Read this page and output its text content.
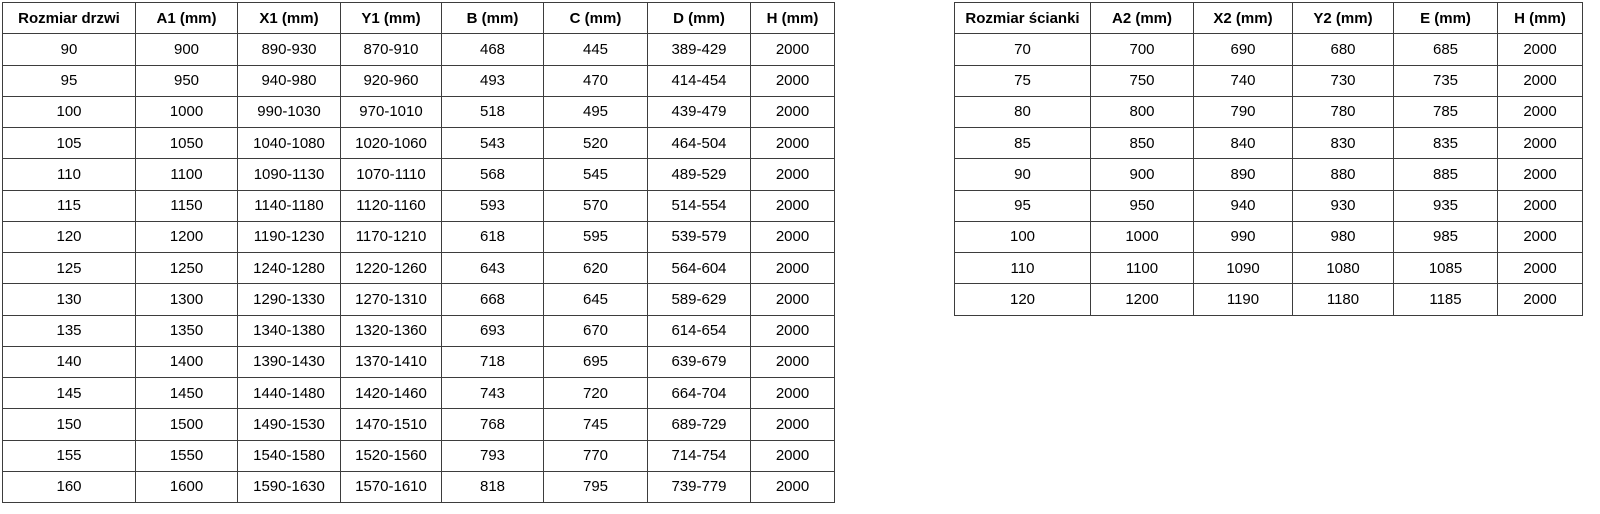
Rozmiar drzwi	A1 (mm)	X1 (mm)	Y1 (mm)	B (mm)	C (mm)	D (mm)	H (mm)
90	900	890-930	870-910	468	445	389-429	2000
95	950	940-980	920-960	493	470	414-454	2000
100	1000	990-1030	970-1010	518	495	439-479	2000
105	1050	1040-1080	1020-1060	543	520	464-504	2000
110	1100	1090-1130	1070-1110	568	545	489-529	2000
115	1150	1140-1180	1120-1160	593	570	514-554	2000
120	1200	1190-1230	1170-1210	618	595	539-579	2000
125	1250	1240-1280	1220-1260	643	620	564-604	2000
130	1300	1290-1330	1270-1310	668	645	589-629	2000
135	1350	1340-1380	1320-1360	693	670	614-654	2000
140	1400	1390-1430	1370-1410	718	695	639-679	2000
145	1450	1440-1480	1420-1460	743	720	664-704	2000
150	1500	1490-1530	1470-1510	768	745	689-729	2000
155	1550	1540-1580	1520-1560	793	770	714-754	2000
160	1600	1590-1630	1570-1610	818	795	739-779	2000
Rozmiar ścianki	A2 (mm)	X2 (mm)	Y2 (mm)	E (mm)	H (mm)
70	700	690	680	685	2000
75	750	740	730	735	2000
80	800	790	780	785	2000
85	850	840	830	835	2000
90	900	890	880	885	2000
95	950	940	930	935	2000
100	1000	990	980	985	2000
110	1100	1090	1080	1085	2000
120	1200	1190	1180	1185	2000
